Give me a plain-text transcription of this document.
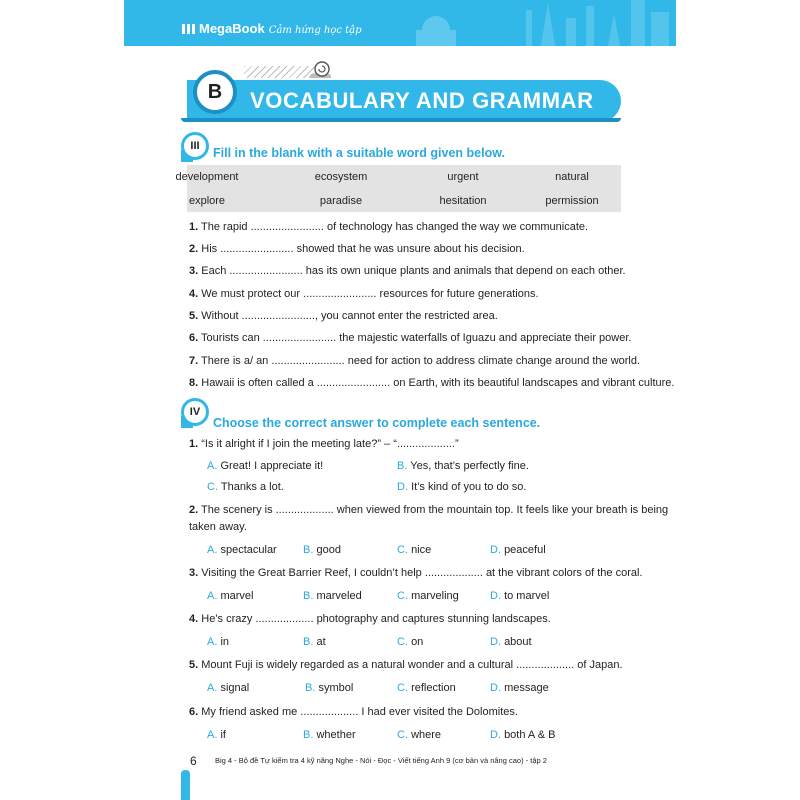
MegaBook Cảm hứng học tập
B	VOCABULARY AND GRAMMAR
III	Fill in the blank with a suitable word given below.
development	ecosystem	urgent	natural
explore	paradise	hesitation	permission
1. The rapid ........................ of technology has changed the way we communicate.
2. His ........................ showed that he was unsure about his decision.
3. Each ........................ has its own unique plants and animals that depend on each other.
4. We must protect our ........................ resources for future generations.
5. Without ........................, you cannot enter the restricted area.
6. Tourists can ........................ the majestic waterfalls of Iguazu and appreciate their power.
7. There is a/ an ........................ need for action to address climate change around the world.
8. Hawaii is often called a ........................ on Earth, with its beautiful landscapes and vibrant culture.
IV
Choose the correct answer to complete each sentence.
1. “Is it alright if I join the meeting late?” – “...................”
A. Great! I appreciate it!	B. Yes, that’s perfectly fine.
C. Thanks a lot.	D. It’s kind of you to do so.
2. The scenery is ................... when viewed from the mountain top. It feels like your breath is being
taken away.
A. spectacular B. good	C. nice	D. peaceful
3. Visiting the Great Barrier Reef, I couldn’t help ................... at the vibrant colors of the coral.
A. marvel	B. marveled	C. marveling	D. to marvel
4. He’s crazy ................... photography and captures stunning landscapes.
A. in	B. at	C. on	D. about
5. Mount Fuji is widely regarded as a natural wonder and a cultural ................... of Japan.
A. signal	B. symbol	C. reflection	D. message
6. My friend asked me ................... I had ever visited the Dolomites.
A. if	B. whether	C. where	D. both A & B
6 Big 4 - Bộ đề Tự kiểm tra 4 kỹ năng Nghe - Nói - Đọc - Viết tiếng Anh 9 (cơ bản và nâng cao) - tập 2
